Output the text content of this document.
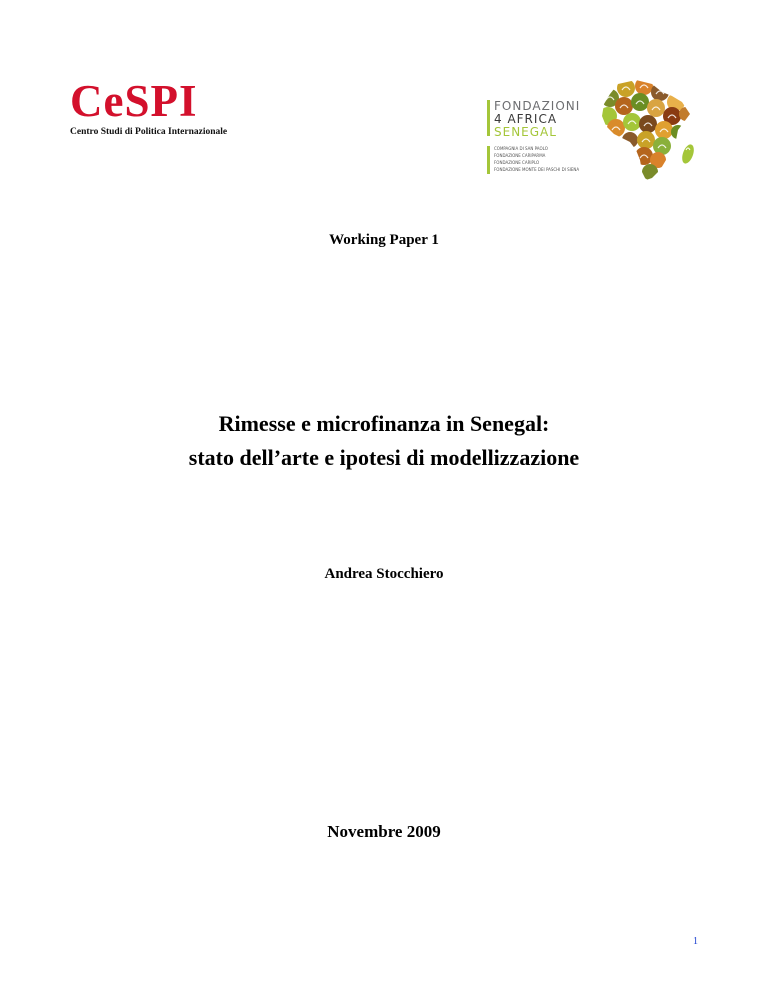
CeSPI
Centro Studi di Politica Internazionale
FONDAZIONI
4 AFRICA
SENEGAL
COMPAGNIA DI SAN PAOLO
FONDAZIONE CARIPARMA
FONDAZIONE CARIPLO
FONDAZIONE MONTE DEI PASCHI DI SIENA
Working Paper 1
Rimesse e microfinanza in Senegal:
stato dell’arte e ipotesi di modellizzazione
Andrea Stocchiero
Novembre 2009
1
